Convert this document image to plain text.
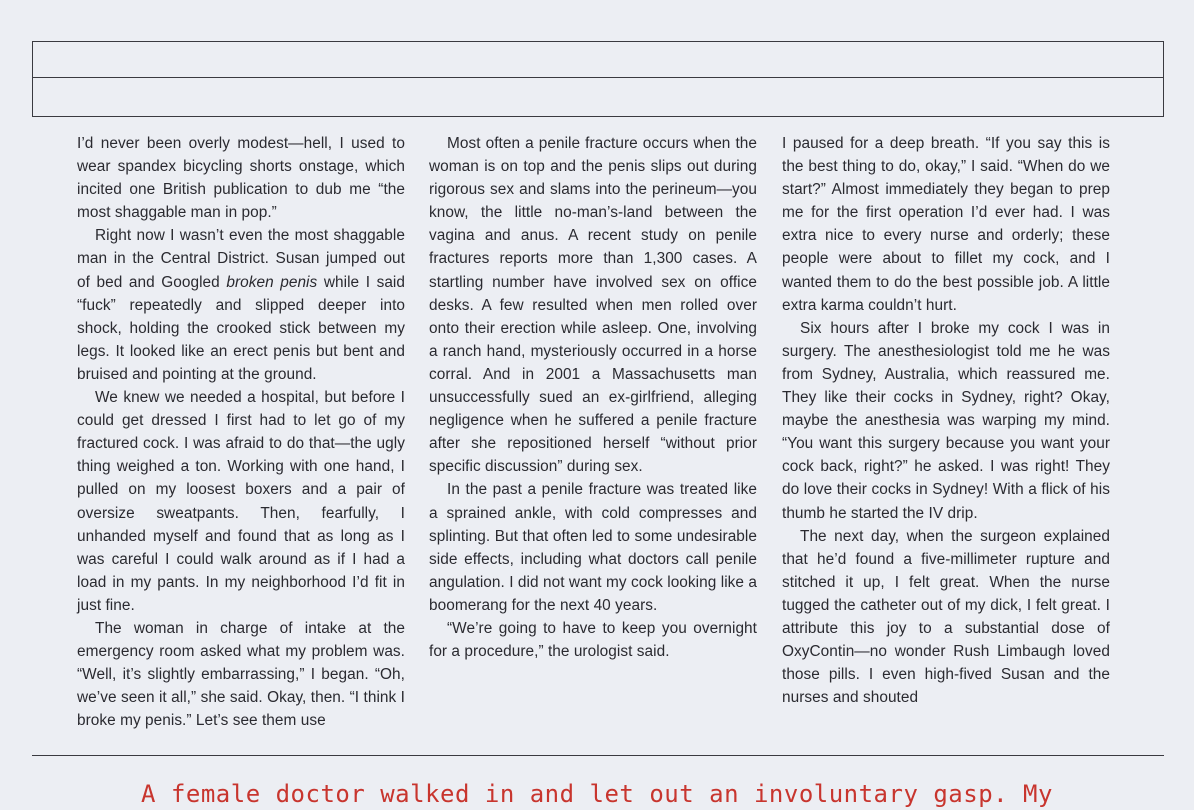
I’d never been overly modest—hell, I used to wear spandex bicycling shorts onstage, which incited one British publication to dub me “the most shaggable man in pop.”

Right now I wasn’t even the most shaggable man in the Central District. Susan jumped out of bed and Googled broken penis while I said “fuck” repeatedly and slipped deeper into shock, holding the crooked stick between my legs. It looked like an erect penis but bent and bruised and pointing at the ground.

We knew we needed a hospital, but before I could get dressed I first had to let go of my fractured cock. I was afraid to do that—the ugly thing weighed a ton. Working with one hand, I pulled on my loosest boxers and a pair of oversize sweatpants. Then, fearfully, I unhanded myself and found that as long as I was careful I could walk around as if I had a load in my pants. In my neighborhood I’d fit in just fine.

The woman in charge of intake at the emergency room asked what my problem was. “Well, it’s slightly embarrassing,” I began. “Oh, we’ve seen it all,” she said. Okay, then. “I think I broke my penis.” Let’s see them use

Most often a penile fracture occurs when the woman is on top and the penis slips out during rigorous sex and slams into the perineum—you know, the little no-man’s-land between the vagina and anus. A recent study on penile fractures reports more than 1,300 cases. A startling number have involved sex on office desks. A few resulted when men rolled over onto their erection while asleep. One, involving a ranch hand, mysteriously occurred in a horse corral. And in 2001 a Massachusetts man unsuccessfully sued an ex-girlfriend, alleging negligence when he suffered a penile fracture after she repositioned herself “without prior specific discussion” during sex.

In the past a penile fracture was treated like a sprained ankle, with cold compresses and splinting. But that often led to some undesirable side effects, including what doctors call penile angulation. I did not want my cock looking like a boomerang for the next 40 years.

“We’re going to have to keep you overnight for a procedure,” the urologist said.

I paused for a deep breath. “If you say this is the best thing to do, okay,” I said. “When do we start?” Almost immediately they began to prep me for the first operation I’d ever had. I was extra nice to every nurse and orderly; these people were about to fillet my cock, and I wanted them to do the best possible job. A little extra karma couldn’t hurt.

Six hours after I broke my cock I was in surgery. The anesthesiologist told me he was from Sydney, Australia, which reassured me. They like their cocks in Sydney, right? Okay, maybe the anesthesia was warping my mind. “You want this surgery because you want your cock back, right?” he asked. I was right! They do love their cocks in Sydney! With a flick of his thumb he started the IV drip.

The next day, when the surgeon explained that he’d found a five-millimeter rupture and stitched it up, I felt great. When the nurse tugged the catheter out of my dick, I felt great. I attribute this joy to a substantial dose of OxyContin—no wonder Rush Limbaugh loved those pills. I even high-fived Susan and the nurses and shouted

A female doctor walked in and let out an involuntary gasp. My
